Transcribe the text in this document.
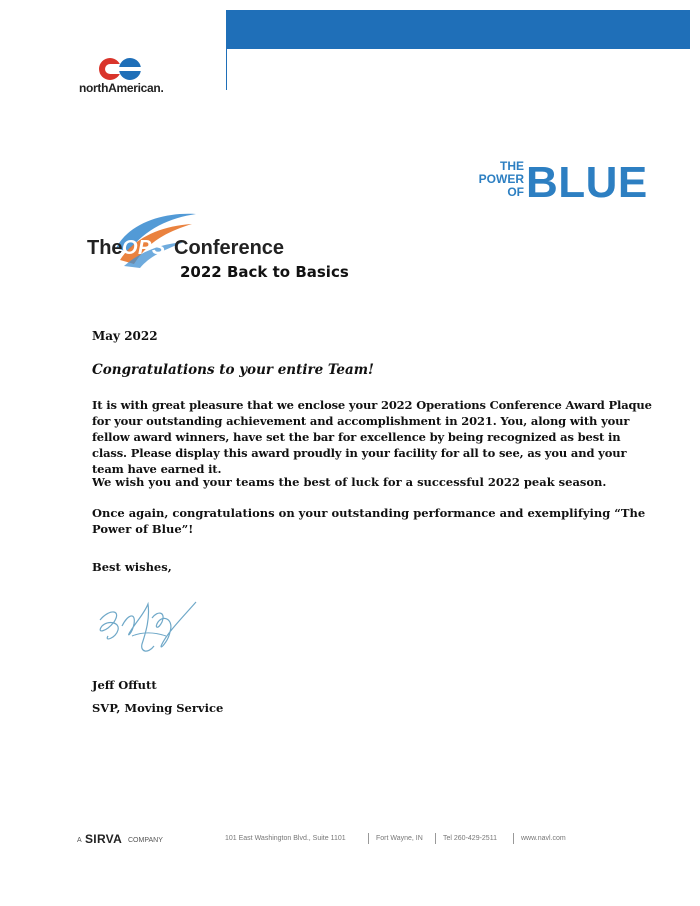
northAmerican.
THE
POWER
OF BLUE
The OPS Conference
2022 Back to Basics
May 2022
Congratulations to your entire Team!
It is with great pleasure that we enclose your 2022 Operations Conference Award Plaque for your outstanding achievement and accomplishment in 2021. You, along with your fellow award winners, have set the bar for excellence by being recognized as best in class. Please display this award proudly in your facility for all to see, as you and your team have earned it.
We wish you and your teams the best of luck for a successful 2022 peak season.
Once again, congratulations on your outstanding performance and exemplifying “The Power of Blue”!
Best wishes,
Jeff Offutt
SVP, Moving Service
A SIRVA COMPANY	101 East Washington Blvd., Suite 1101	Fort Wayne, IN	Tel 260-429-2511	www.navl.com
